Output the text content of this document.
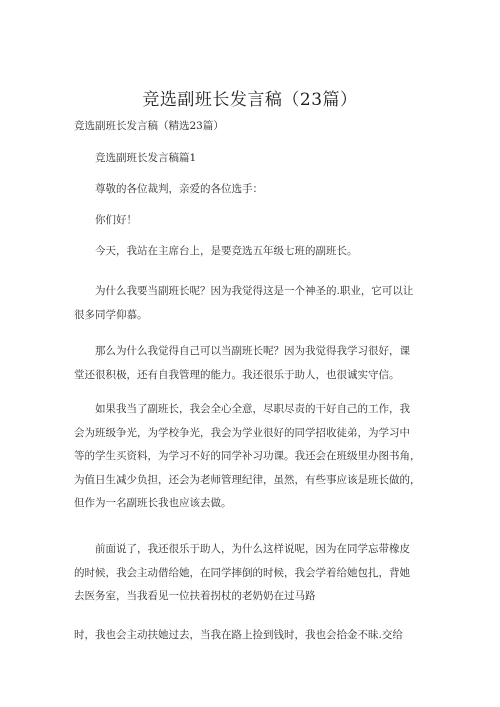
竞选副班长发言稿（23篇）
竞选副班长发言稿（精选23篇）
竞选副班长发言稿篇1
尊敬的各位裁判，亲爱的各位选手：
你们好！
今天，我站在主席台上，是要竞选五年级七班的副班长。
为什么我要当副班长呢？因为我觉得这是一个神圣的.职业，它可以让
很多同学仰慕。
那么为什么我觉得自己可以当副班长呢？因为我觉得我学习很好，课
堂还很积极，还有自我管理的能力。我还很乐于助人，也很诚实守信。
如果我当了副班长，我会全心全意，尽职尽责的干好自己的工作，我
会为班级争光，为学校争光，我会为学业很好的同学招收徒弟，为学习中
等的学生买资料，为学习不好的同学补习功课。我还会在班级里办图书角，
为值日生减少负担，还会为老师管理纪律，虽然，有些事应该是班长做的，
但作为一名副班长我也应该去做。
前面说了，我还很乐于助人，为什么这样说呢，因为在同学忘带橡皮
的时候，我会主动借给她，在同学摔倒的时候，我会学着给她包扎，背她
去医务室，当我看见一位扶着拐杖的老奶奶在过马路
时，我也会主动扶她过去，当我在路上捡到钱时，我也会拾金不昧.交给
